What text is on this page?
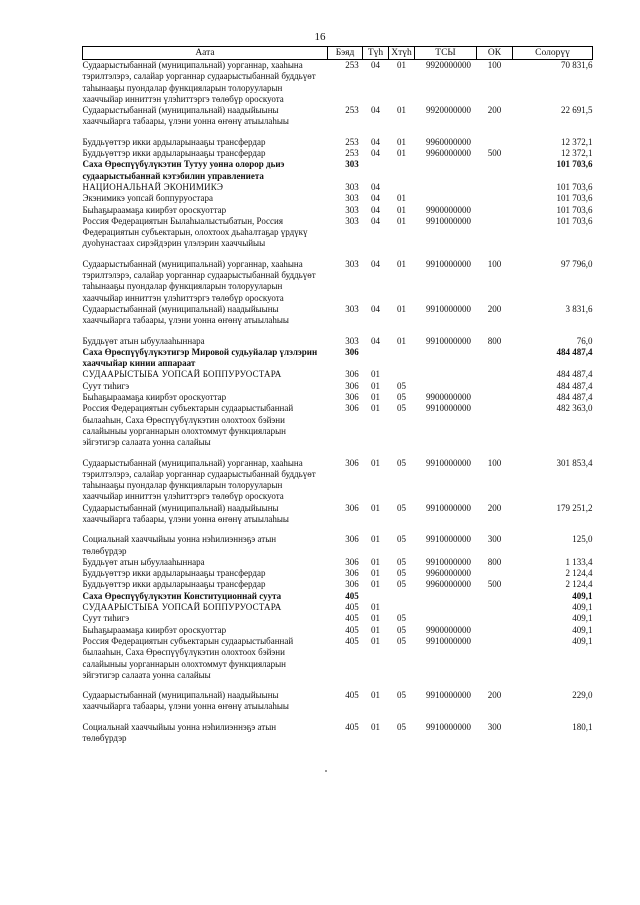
16
Аата	Бэяд	Түһ	Хтүһ	ТСЫ	ОК	Солорүү
Судаарыстыбаннай (муниципальнай) уорганнар, хааһына тэрилтэлэрэ, салайар уорганнар судаарыстыбаннай буддьүөт таһынааҕы пуондалар функцияларын толорууларын хааччыйар инниттэн үлэһиттэргэ төлөбүр ороскуота	253	04	01	9920000000	100	70 831,6
Судаарыстыбаннай (муниципальнай) наадыйыыны хааччыйарга табаары, үлэни уонна өҥөнү атыылаһыы	253	04	01	9920000000	200	22 691,5

Буддьүөттэр икки ардыларынааҕы трансфердар	253	04	01	9960000000		12 372,1
Буддьүөттэр икки ардыларынааҕы трансфердар	253	04	01	9960000000	500	12 372,1
Саха Өрөспүүбүлүкэтин Тутуу уонна олорор дьиэ судаарыстыбаннай кэтэбилин управлениета	303					101 703,6
НАЦИОНАЛЬНАЙ ЭКОНИМИКЭ	303	04				101 703,6
Экэнимикэ уопсай боппуруостара	303	04	01			101 703,6
Быһаҕыраамаҕа киирбэт ороскуоттар	303	04	01	9900000000		101 703,6
Россия Федерациятын Былаһыалыстыбатын, Россия Федерациятын субъектарын, олохтоох дьаһалтаҕар үрдүкү дуоһунастаах сирэйдэрин үлэлэрин хааччыйыы	303	04	01	9910000000		101 703,6

Судаарыстыбаннай (муниципальнай) уорганнар, хааһына тэрилтэлэрэ, салайар уорганнар судаарыстыбаннай буддьүөт таһынааҕы пуондалар функцияларын толорууларын хааччыйар инниттэн үлэһиттэргэ төлөбүр ороскуота	303	04	01	9910000000	100	97 796,0
Судаарыстыбаннай (муниципальнай) наадыйыыны хааччыйарга табаары, үлэни уонна өҥөнү атыылаһыы	303	04	01	9910000000	200	3 831,6

Буддьүөт атын ыбуулааһыннара	303	04	01	9910000000	800	76,0
Саха Өрөспүүбүлүкэтигэр Мировой судьуйалар үлэлэрин хааччыйар кинии аппараат	306					484 487,4
СУДААРЫСТЫБА УОПСАЙ БОППУРУОСТАРА	306	01				484 487,4
Суут тиһигэ	306	01	05			484 487,4
Быһаҕыраамаҕа киирбэт ороскуоттар	306	01	05	9900000000		484 487,4
Россия Федерациятын субъектарын судаарыстыбаннай былааһын, Саха Өрөспүүбүлүкэтин олохтоох бэйэни салайыныы уорганнарын олохтоммут функцияларын эйгэтигэр салаата уонна салайыы	306	01	05	9910000000		482 363,0

Судаарыстыбаннай (муниципальнай) уорганнар, хааһына тэрилтэлэрэ, салайар уорганнар судаарыстыбаннай буддьүөт таһынааҕы пуондалар функцияларын толорууларын хааччыйар инниттэн үлэһиттэргэ төлөбүр ороскуота	306	01	05	9910000000	100	301 853,4
Судаарыстыбаннай (муниципальнай) наадыйыыны хааччыйарга табаары, үлэни уонна өҥөнү атыылаһыы	306	01	05	9910000000	200	179 251,2

Социальнай хааччыйыы уонна нэһилиэннэҕэ атын төлөбүрдэр	306	01	05	9910000000	300	125,0
Буддьүөт атын ыбуулааһыннара	306	01	05	9910000000	800	1 133,4
Буддьүөттэр икки ардыларынааҕы трансфердар	306	01	05	9960000000		2 124,4
Буддьүөттэр икки ардыларынааҕы трансфердар	306	01	05	9960000000	500	2 124,4
Саха Өрөспүүбүлүкэтин Конституционнай суута	405					409,1
СУДААРЫСТЫБА УОПСАЙ БОППУРУОСТАРА	405	01				409,1
Суут тиһигэ	405	01	05			409,1
Быһаҕыраамаҕа киирбэт ороскуоттар	405	01	05	9900000000		409,1
Россия Федерациятын субъектарын судаарыстыбаннай былааһын, Саха Өрөспүүбүлүкэтин олохтоох бэйэни салайыныы уорганнарын олохтоммут функцияларын эйгэтигэр салаата уонна салайыы	405	01	05	9910000000		409,1

Судаарыстыбаннай (муниципальнай) наадыйыыны хааччыйарга табаары, үлэни уонна өҥөнү атыылаһыы	405	01	05	9910000000	200	229,0

Социальнай хааччыйыы уонна нэһилиэннэҕэ атын төлөбүрдэр	405	01	05	9910000000	300	180,1
